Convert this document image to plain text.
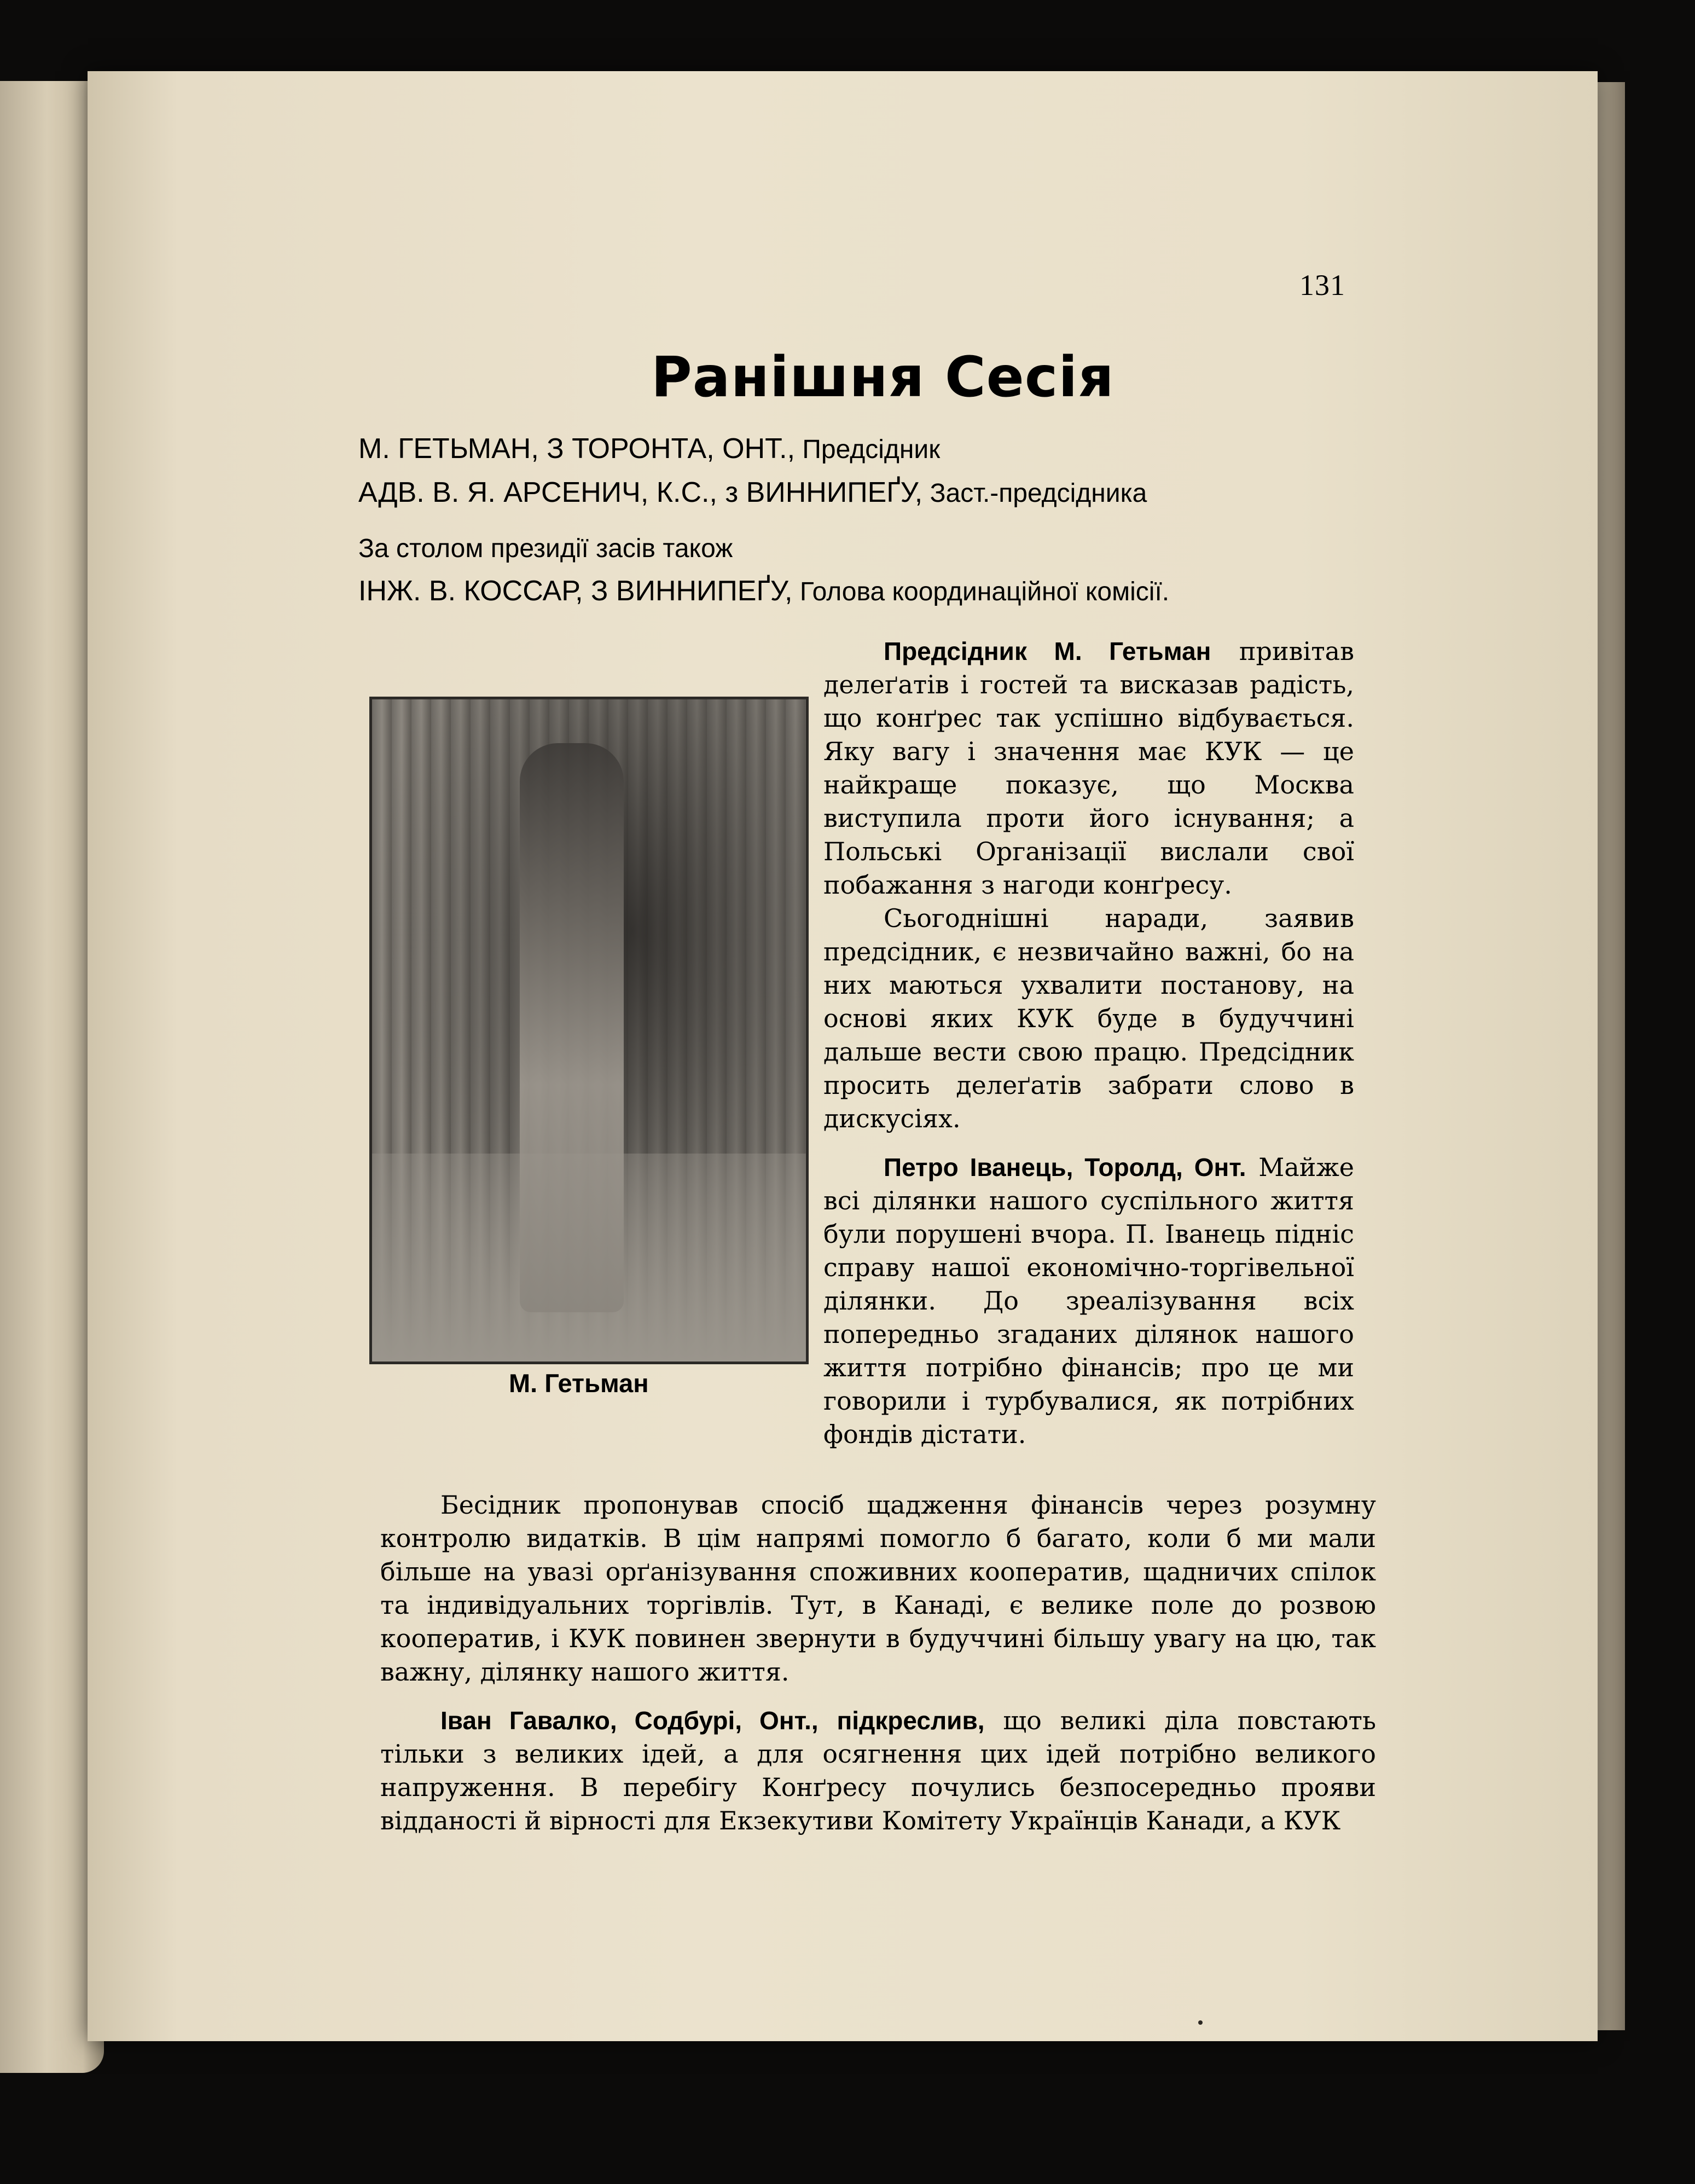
131
Ранішня Сесія
М. ГЕТЬМАН, З ТОРОНТА, ОНТ., Предсідник
АДВ. В. Я. АРСЕНИЧ, К.С., з ВИННИПЕҐУ, Заст.-предсідника
За столом президії засів також
ІНЖ. В. КОССАР, З ВИННИПЕҐУ, Голова координаційної комісії.
М. Гетьман

Предсідник М. Гетьман привітав делеґатів і гостей та висказав радість, що конґрес так успішно відбувається. Яку вагу і значення має КУК — це найкраще показує, що Москва виступила проти його існування; а Польські Організації вислали свої побажання з нагоди конґресу.

Сьогоднішні наради, заявив предсідник, є незвичайно важні, бо на них маються ухвалити постанову, на основі яких КУК буде в будуччині дальше вести свою працю. Предсідник просить делеґатів забрати слово в дискусіях.

Петро Іванець, Торолд, Онт. Майже всі ділянки нашого суспільного життя були порушені вчора. П. Іванець підніс справу нашої економічно-торгівельної ділянки. До зреалізування всіх попередньо згаданих ділянок нашого життя потрібно фінансів; про це ми говорили і турбувалися, як потрібних фондів дістати.

Бесідник пропонував спосіб щадження фінансів через розумну контролю видатків. В цім напрямі помогло б багато, коли б ми мали більше на увазі орґанізування споживних кооператив, щадничих спілок та індивідуальних торгівлів. Тут, в Канаді, є велике поле до розвою кооператив, і КУК повинен звернути в будуччині більшу увагу на цю, так важну, ділянку нашого життя.

Іван Гавалко, Содбурі, Онт., підкреслив, що великі діла повстають тільки з великих ідей, а для осягнення цих ідей потрібно великого напруження. В перебігу Конґресу почулись безпосередньо прояви відданості й вірності для Екзекутиви Комітету Українців Канади, а КУК
